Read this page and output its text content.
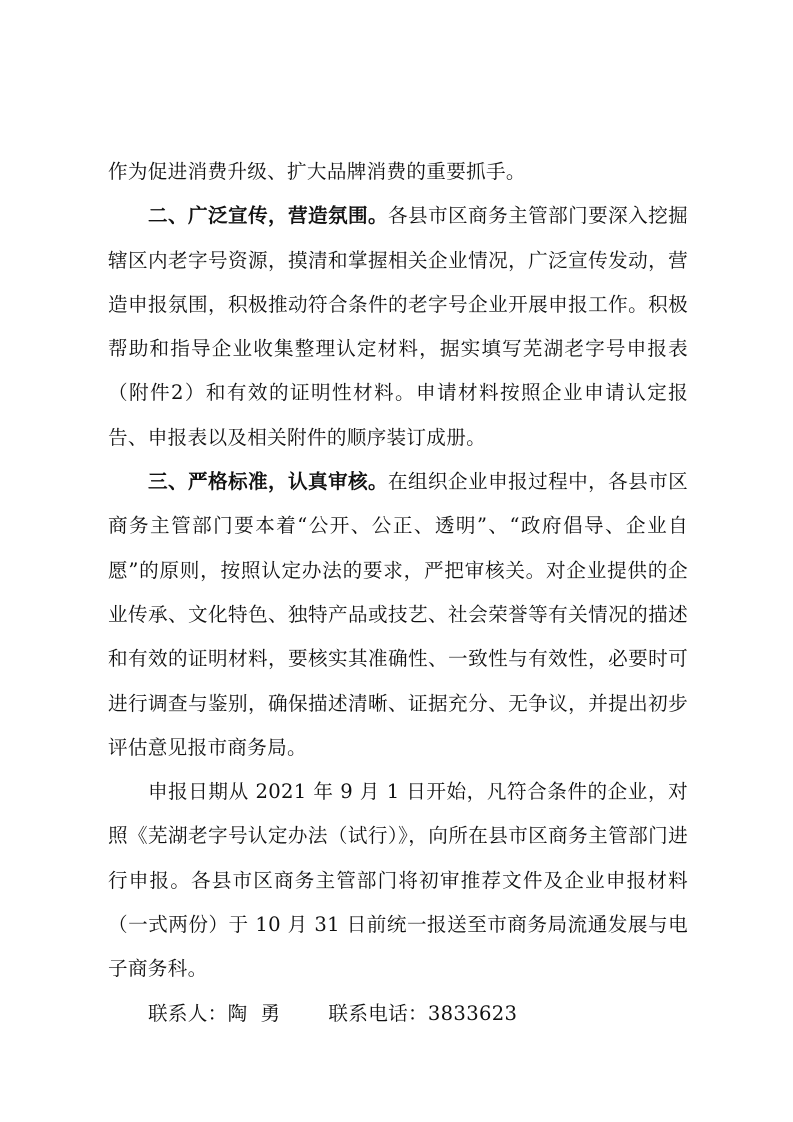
作为促进消费升级、扩大品牌消费的重要抓手。

二、广泛宣传，营造氛围。各县市区商务主管部门要深入挖掘辖区内老字号资源，摸清和掌握相关企业情况，广泛宣传发动，营造申报氛围，积极推动符合条件的老字号企业开展申报工作。积极帮助和指导企业收集整理认定材料，据实填写芜湖老字号申报表（附件2）和有效的证明性材料。申请材料按照企业申请认定报告、申报表以及相关附件的顺序装订成册。

三、严格标准，认真审核。在组织企业申报过程中，各县市区商务主管部门要本着“公开、公正、透明”、“政府倡导、企业自愿”的原则，按照认定办法的要求，严把审核关。对企业提供的企业传承、文化特色、独特产品或技艺、社会荣誉等有关情况的描述和有效的证明材料，要核实其准确性、一致性与有效性，必要时可进行调查与鉴别，确保描述清晰、证据充分、无争议，并提出初步评估意见报市商务局。

申报日期从 2021 年 9 月 1 日开始，凡符合条件的企业，对照《芜湖老字号认定办法（试行）》，向所在县市区商务主管部门进行申报。各县市区商务主管部门将初审推荐文件及企业申报材料（一式两份）于 10 月 31 日前统一报送至市商务局流通发展与电子商务科。

联系人：陶  勇 联系电话：3833623
